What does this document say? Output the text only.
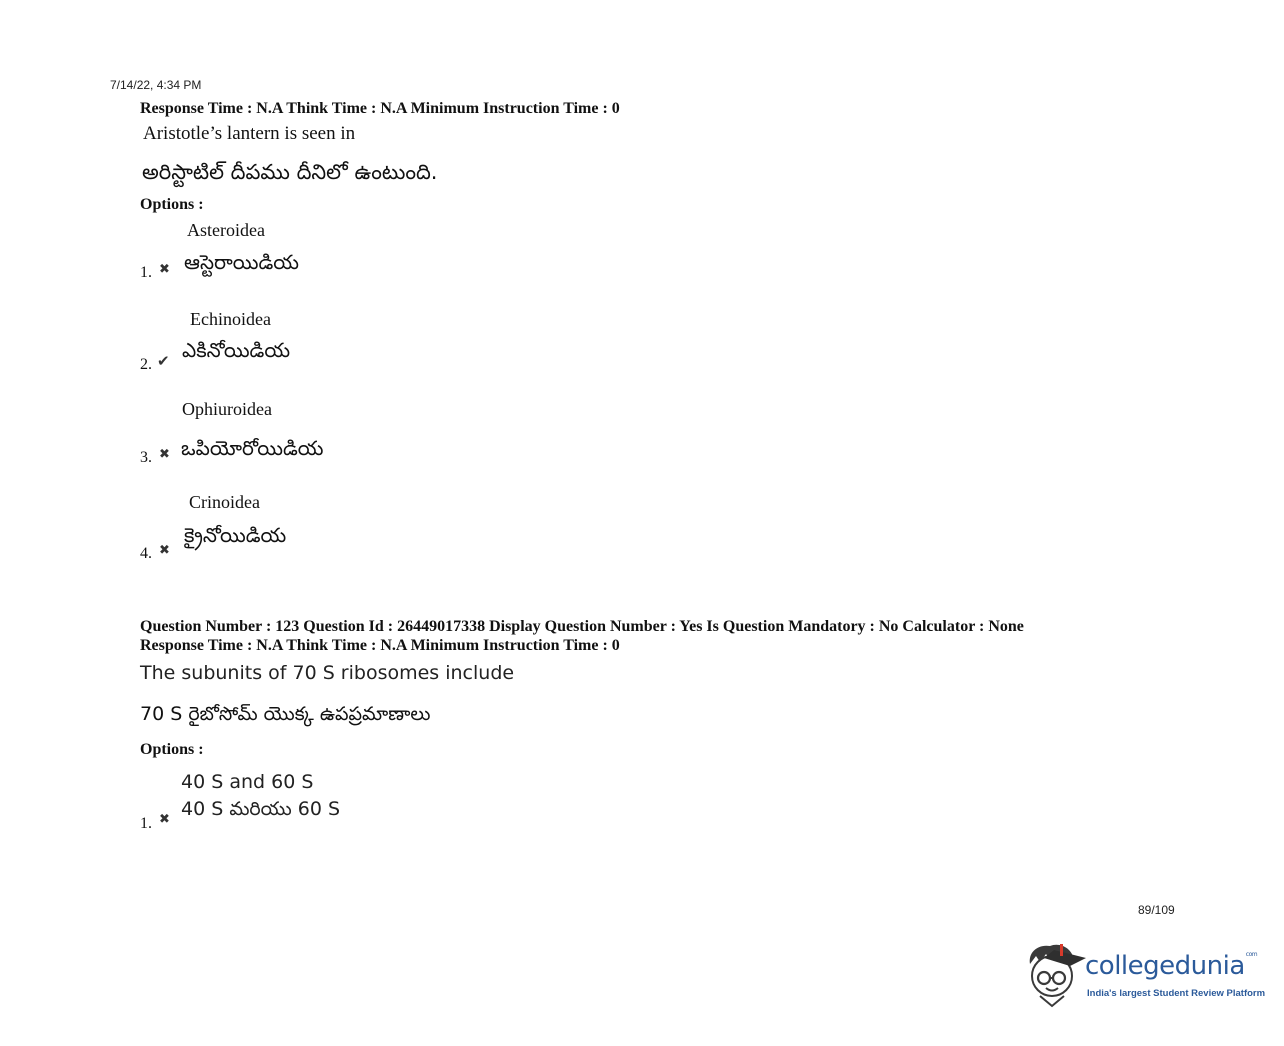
7/14/22, 4:34 PM
Response Time : N.A Think Time : N.A Minimum Instruction Time : 0
Aristotle’s lantern is seen in
అరిస్టాటిల్ దీపము దీనిలో ఉంటుంది.
Options :
Asteroidea
ఆస్టెరాయిడియ
1. ✖
Echinoidea
ఎకినోయిడియ
2. ✔
Ophiuroidea
ఒపియోరోయిడియ
3. ✖
Crinoidea
క్రైనోయిడియ
4. ✖
Question Number : 123 Question Id : 26449017338 Display Question Number : Yes Is Question Mandatory : No Calculator : None
Response Time : N.A Think Time : N.A Minimum Instruction Time : 0
The subunits of 70 S ribosomes include
70 S రైబోసోమ్ యొక్క ఉపప్రమాణాలు
Options :
40 S and 60 S
40 S మరియు 60 S
1. ✖
89/109
collegedunia$^{com}$
India's largest Student Review Platform
